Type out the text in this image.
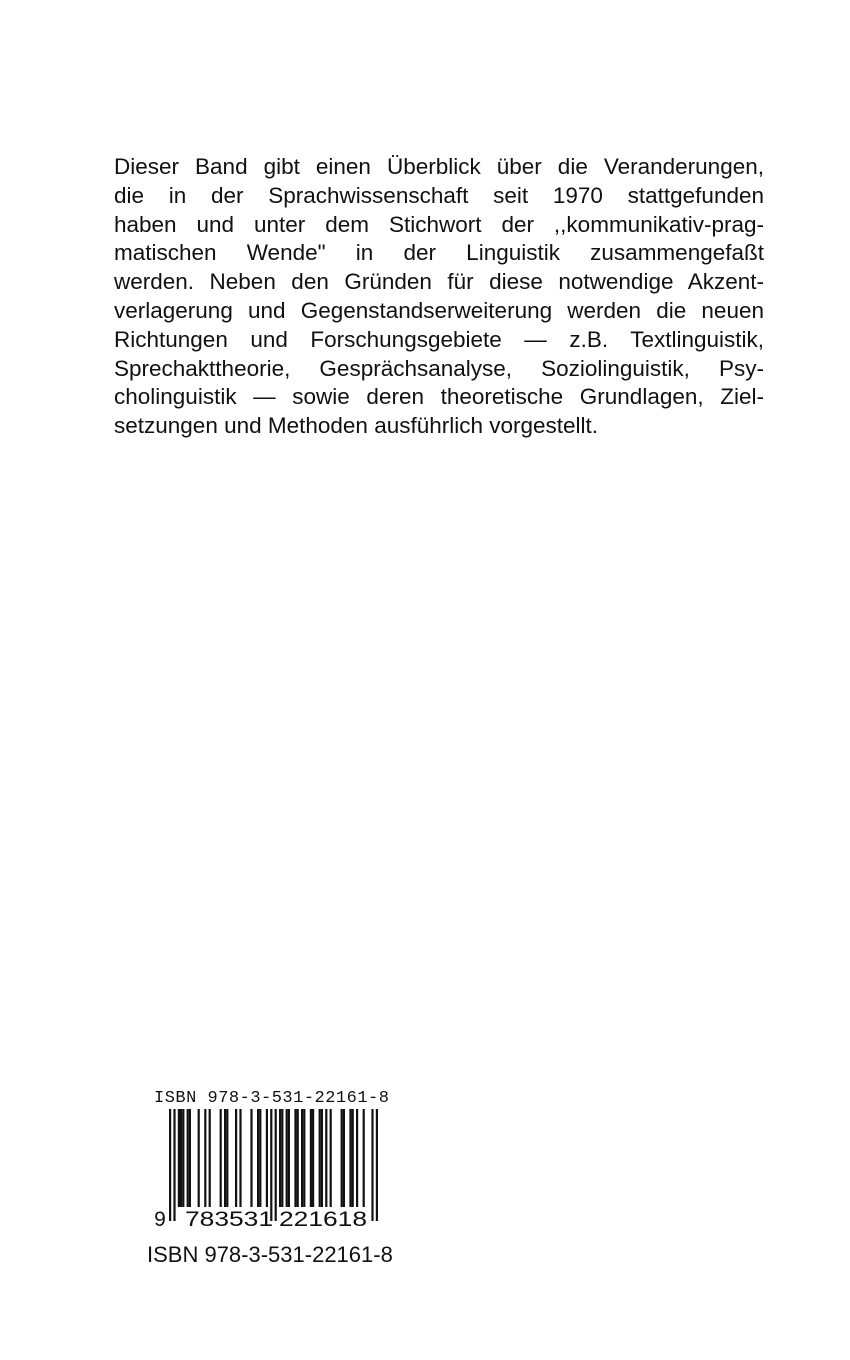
Dieser Band gibt einen Überblick über die Veranderungen,
die in der Sprachwissenschaft seit 1970 stattgefunden
haben und unter dem Stichwort der ,,kommunikativ-prag-
matischen Wende" in der Linguistik zusammengefaßt
werden. Neben den Gründen für diese notwendige Akzent-
verlagerung und Gegenstandserweiterung werden die neuen
Richtungen und Forschungsgebiete — z.B. Textlinguistik,
Sprechakttheorie, Gesprächsanalyse, Soziolinguistik, Psy-
cholinguistik — sowie deren theoretische Grundlagen, Ziel-
setzungen und Methoden ausführlich vorgestellt.
ISBN 978-3-531-22161-8
9 783531 221618
ISBN 978-3-531-22161-8
